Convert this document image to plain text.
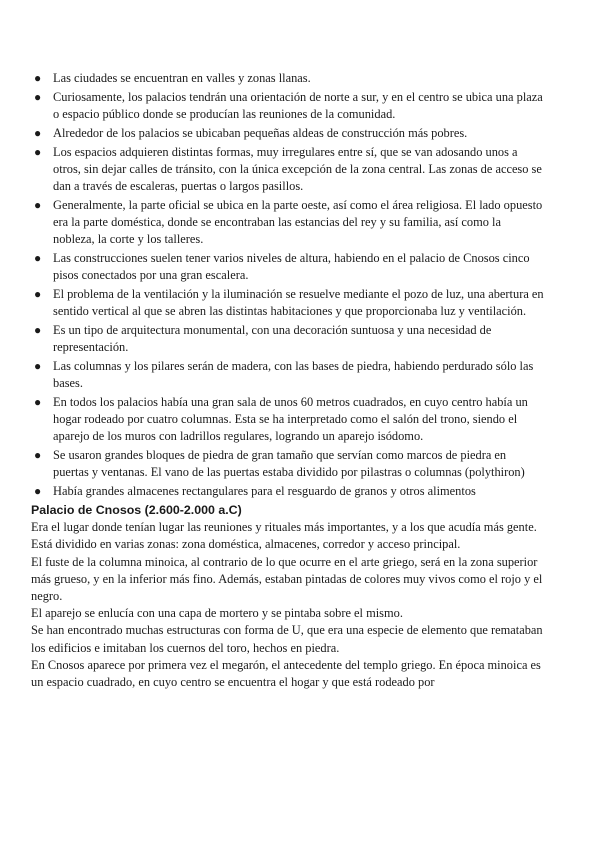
● Las ciudades se encuentran en valles y zonas llanas.
● Curiosamente, los palacios tendrán una orientación de norte a sur, y en el centro se ubica una plaza o espacio público donde se producían las reuniones de la comunidad.
● Alrededor de los palacios se ubicaban pequeñas aldeas de construcción más pobres.
● Los espacios adquieren distintas formas, muy irregulares entre sí, que se van adosando unos a otros, sin dejar calles de tránsito, con la única excepción de la zona central. Las zonas de acceso se dan a través de escaleras, puertas o largos pasillos.
● Generalmente, la parte oficial se ubica en la parte oeste, así como el área religiosa. El lado opuesto era la parte doméstica, donde se encontraban las estancias del rey y su familia, así como la nobleza, la corte y los talleres.
● Las construcciones suelen tener varios niveles de altura, habiendo en el palacio de Cnosos cinco pisos conectados por una gran escalera.
● El problema de la ventilación y la iluminación se resuelve mediante el pozo de luz, una abertura en sentido vertical al que se abren las distintas habitaciones y que proporcionaba luz y ventilación.
● Es un tipo de arquitectura monumental, con una decoración suntuosa y una necesidad de representación.
● Las columnas y los pilares serán de madera, con las bases de piedra, habiendo perdurado sólo las bases.
● En todos los palacios había una gran sala de unos 60 metros cuadrados, en cuyo centro había un hogar rodeado por cuatro columnas. Esta se ha interpretado como el salón del trono, siendo el aparejo de los muros con ladrillos regulares, logrando un aparejo isódomo.
● Se usaron grandes bloques de piedra de gran tamaño que servían como marcos de piedra en puertas y ventanas. El vano de las puertas estaba dividido por pilastras o columnas (polythiron)
● Había grandes almacenes rectangulares para el resguardo de granos y otros alimentos
Palacio de Cnosos (2.600-2.000 a.C)

Era el lugar donde tenían lugar las reuniones y rituales más importantes, y a los que acudía más gente.

Está dividido en varias zonas: zona doméstica, almacenes, corredor y acceso principal.

El fuste de la columna minoica, al contrario de lo que ocurre en el arte griego, será en la zona superior más grueso, y en la inferior más fino. Además, estaban pintadas de colores muy vivos como el rojo y el negro.

El aparejo se enlucía con una capa de mortero y se pintaba sobre el mismo.

Se han encontrado muchas estructuras con forma de U, que era una especie de elemento que remataban los edificios e imitaban los cuernos del toro, hechos en piedra.

En Cnosos aparece por primera vez el megarón, el antecedente del templo griego. En época minoica es un espacio cuadrado, en cuyo centro se encuentra el hogar y que está rodeado por
